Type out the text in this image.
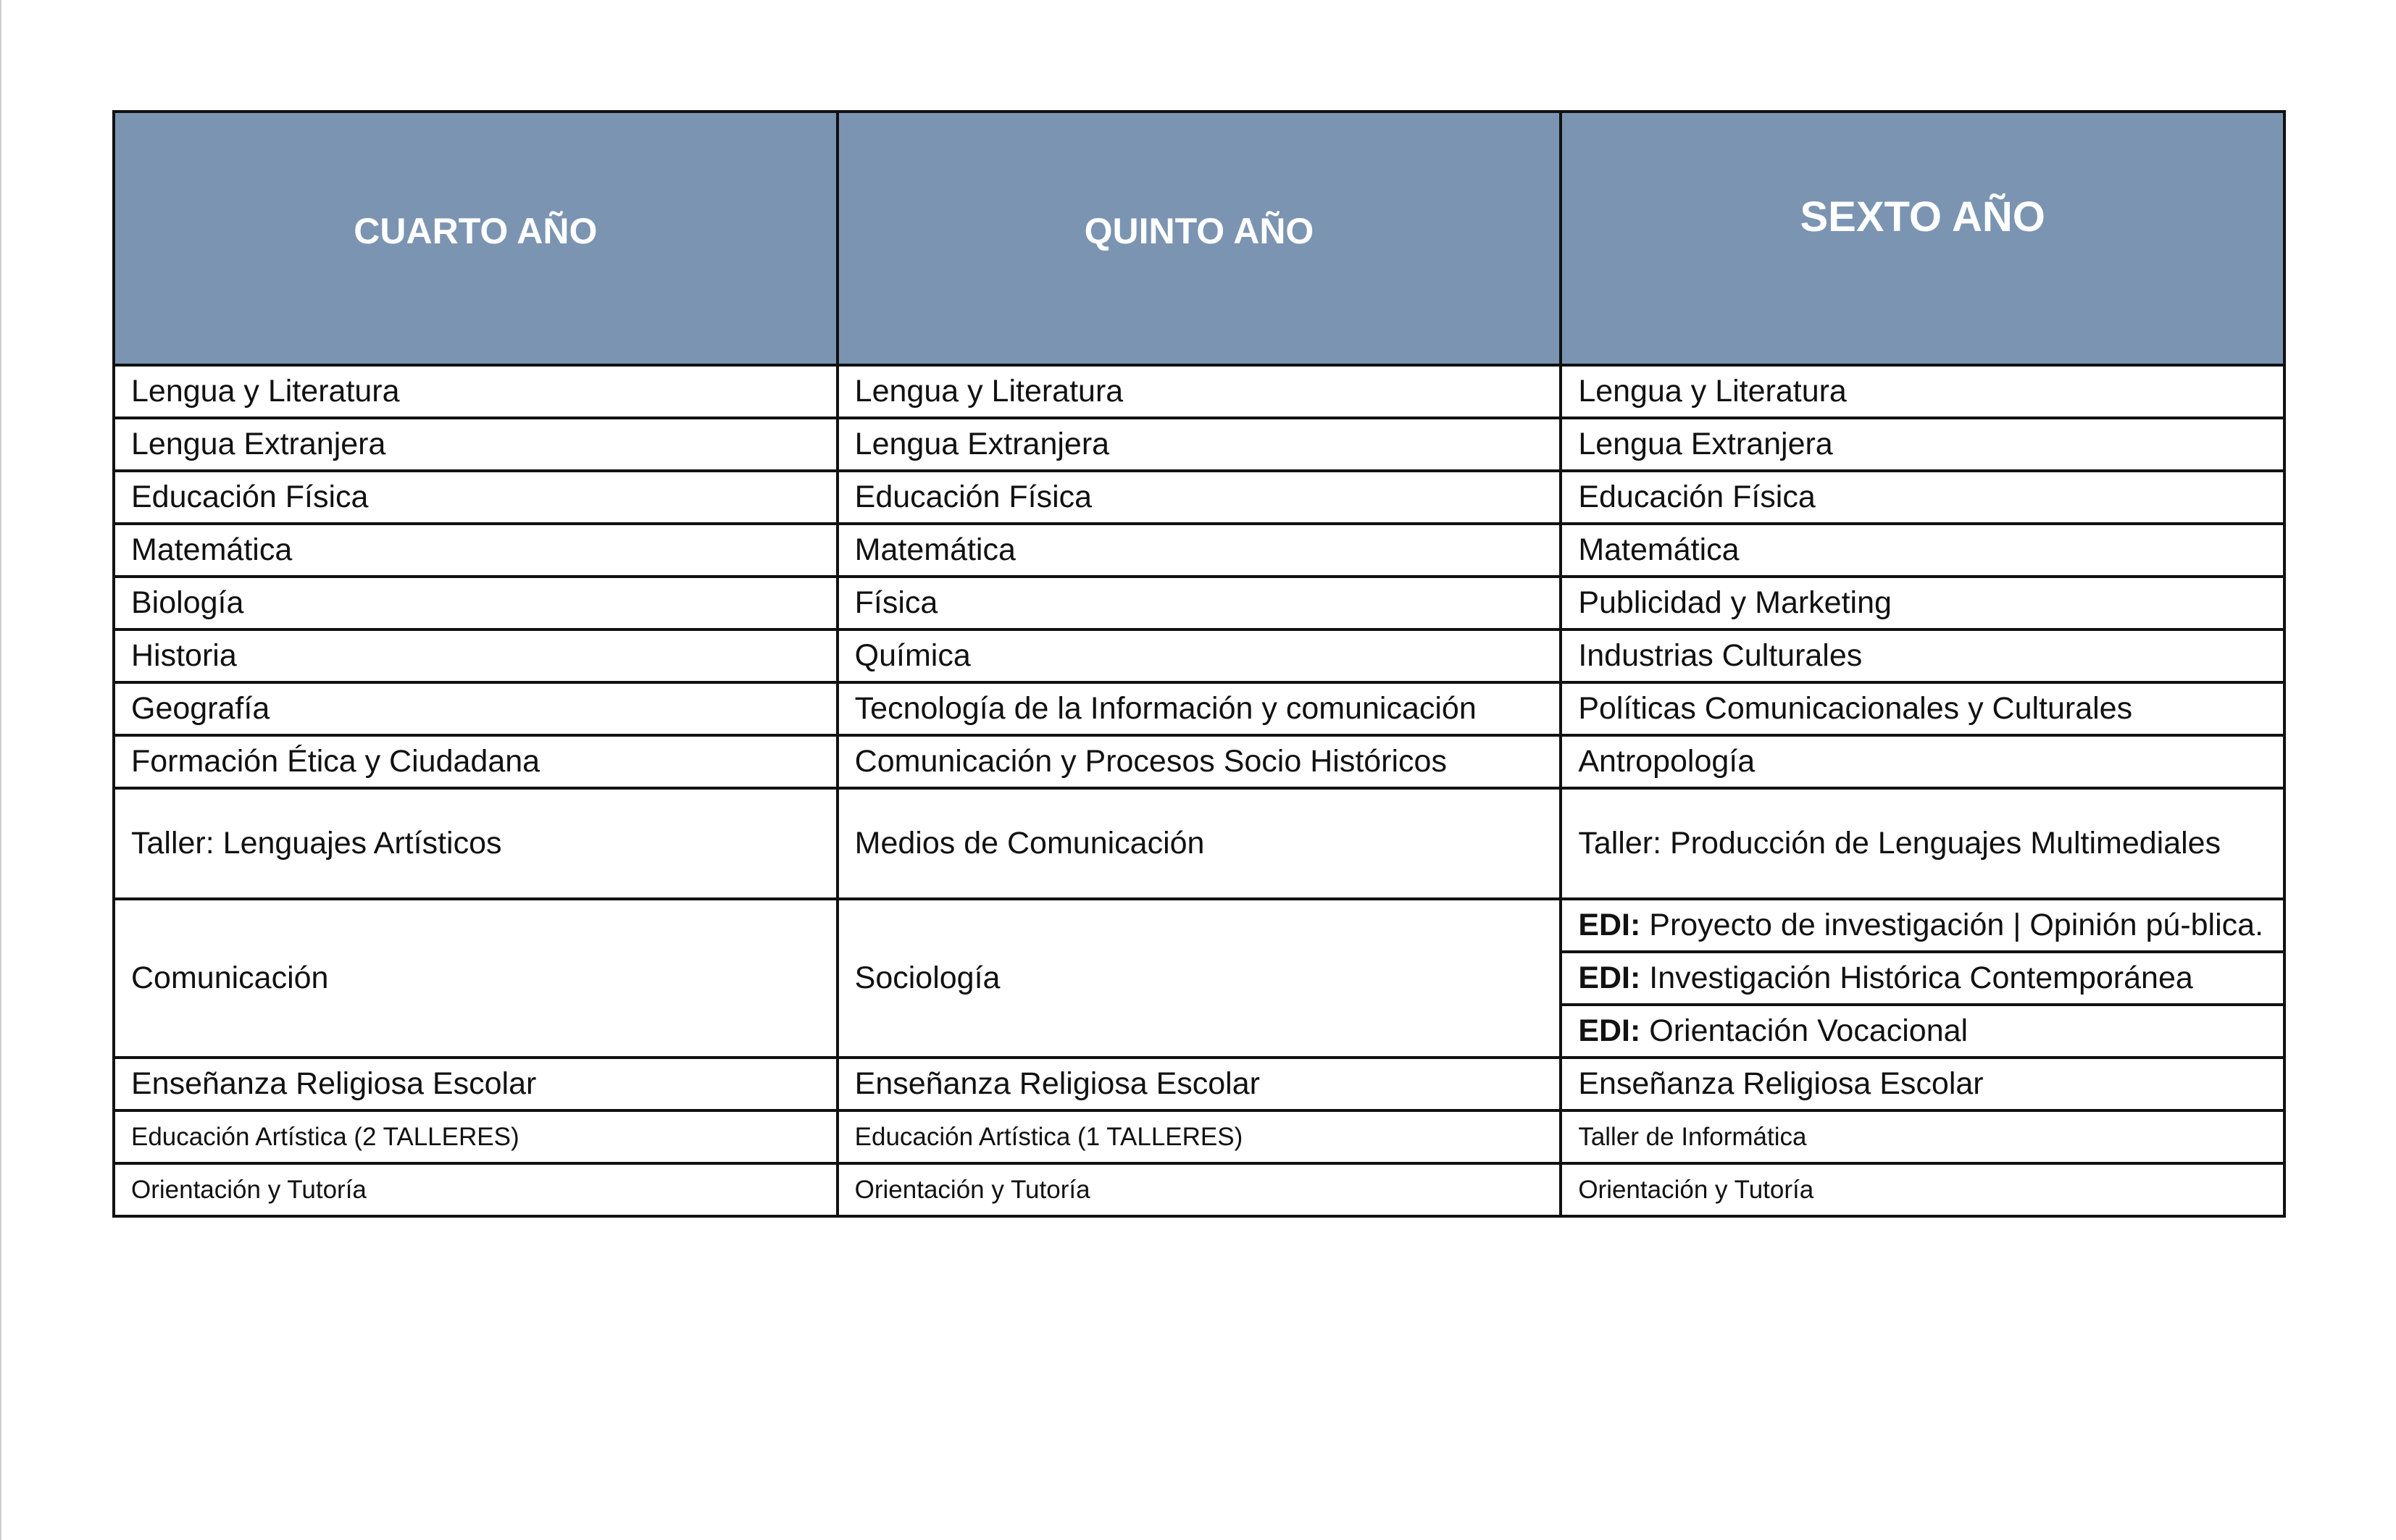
CUARTO AÑO	QUINTO AÑO	SEXTO AÑO
Lengua y Literatura	Lengua y Literatura	Lengua y Literatura
Lengua Extranjera	Lengua Extranjera	Lengua Extranjera
Educación Física	Educación Física	Educación Física
Matemática	Matemática	Matemática
Biología	Física	Publicidad y Marketing
Historia	Química	Industrias Culturales
Geografía	Tecnología de la Información y comunicación	Políticas Comunicacionales y Culturales
Formación Ética y Ciudadana	Comunicación y Procesos Socio Históricos	Antropología
Taller: Lenguajes Artísticos	Medios de Comunicación	Taller: Producción de Lenguajes Multimediales
Comunicación	Sociología	EDI: Proyecto de investigación | Opinión pú-blica.
		EDI: Investigación Histórica Contemporánea
		EDI: Orientación Vocacional
Enseñanza Religiosa Escolar	Enseñanza Religiosa Escolar	Enseñanza Religiosa Escolar
Educación Artística (2 TALLERES)	Educación Artística (1 TALLERES)	Taller de Informática
Orientación y Tutoría	Orientación y Tutoría	Orientación y Tutoría
